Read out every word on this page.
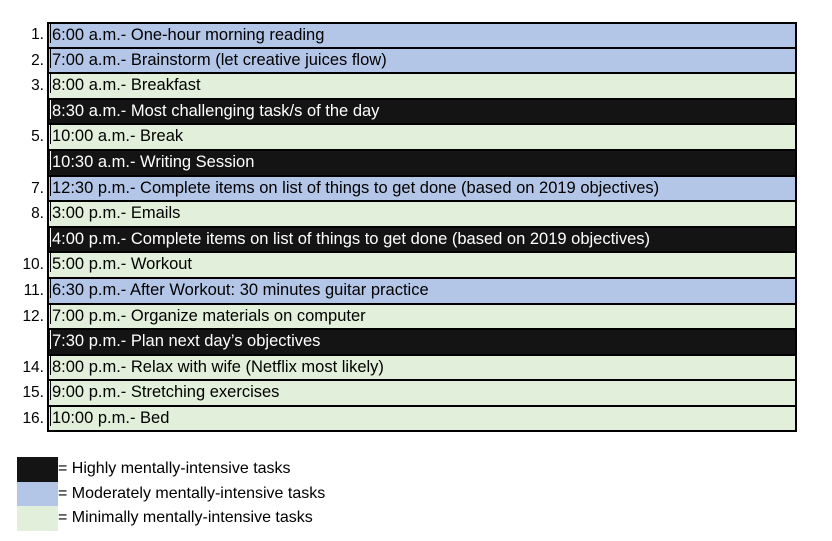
1. 6:00 a.m.- One-hour morning reading
2. 7:00 a.m.- Brainstorm (let creative juices flow)
3. 8:00 a.m.- Breakfast
8:30 a.m.- Most challenging task/s of the day
5. 10:00 a.m.- Break
10:30 a.m.- Writing Session
7. 12:30 p.m.- Complete items on list of things to get done (based on 2019 objectives)
8. 3:00 p.m.- Emails
4:00 p.m.- Complete items on list of things to get done (based on 2019 objectives)
10. 5:00 p.m.- Workout
11. 6:30 p.m.- After Workout: 30 minutes guitar practice
12. 7:00 p.m.- Organize materials on computer
7:30 p.m.- Plan next day’s objectives
14. 8:00 p.m.- Relax with wife (Netflix most likely)
15. 9:00 p.m.- Stretching exercises
16. 10:00 p.m.- Bed
= Highly mentally-intensive tasks
= Moderately mentally-intensive tasks
= Minimally mentally-intensive tasks
